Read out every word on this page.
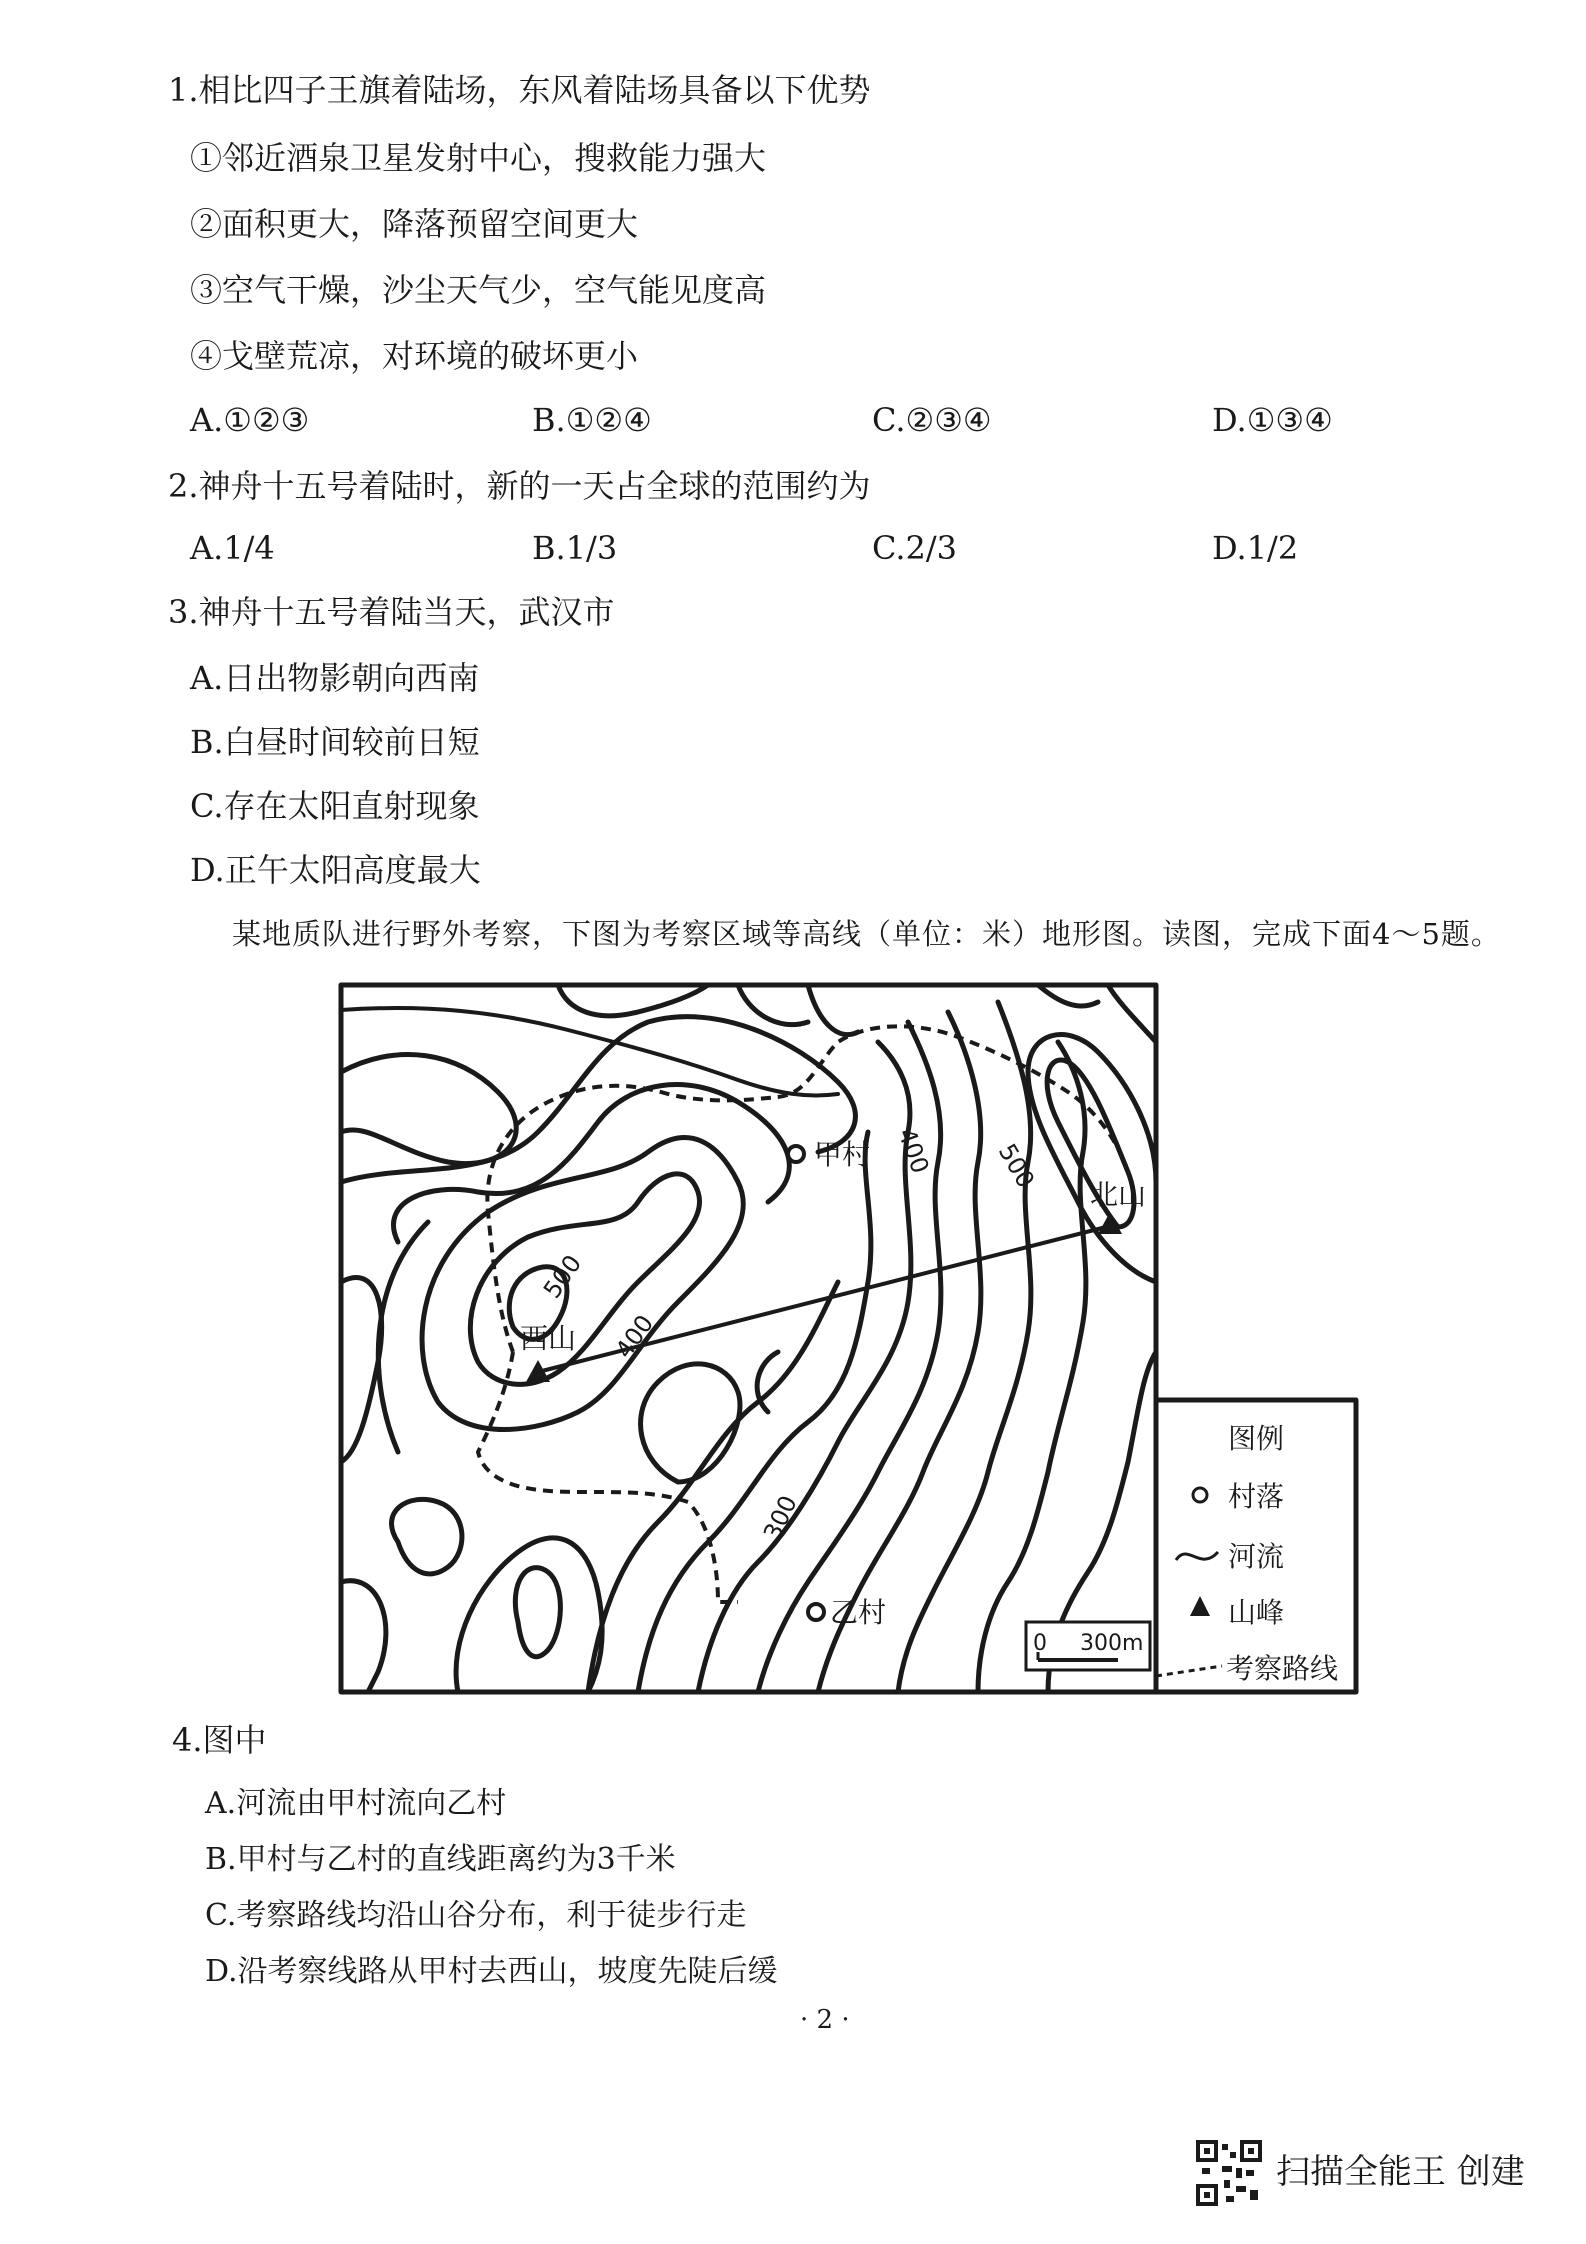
1.相比四子王旗着陆场，东风着陆场具备以下优势
①邻近酒泉卫星发射中心，搜救能力强大
②面积更大，降落预留空间更大
③空气干燥，沙尘天气少，空气能见度高
④戈壁荒凉，对环境的破坏更小
A.①②③	B.①②④	C.②③④	D.①③④
2.神舟十五号着陆时，新的一天占全球的范围约为
A.1/4	B.1/3	C.2/3	D.1/2
3.神舟十五号着陆当天，武汉市
A.日出物影朝向西南
B.白昼时间较前日短
C.存在太阳直射现象
D.正午太阳高度最大
某地质队进行野外考察，下图为考察区域等高线（单位：米）地形图。读图，完成下面4～5题。
甲村
乙村
西山
北山
300
400
400
500
500
0 300m
图例
村落
河流
山峰
考察路线
4.图中
A.河流由甲村流向乙村
B.甲村与乙村的直线距离约为3千米
C.考察路线均沿山谷分布，利于徒步行走
D.沿考察线路从甲村去西山，坡度先陡后缓
· 2 ·
扫描全能王 创建
